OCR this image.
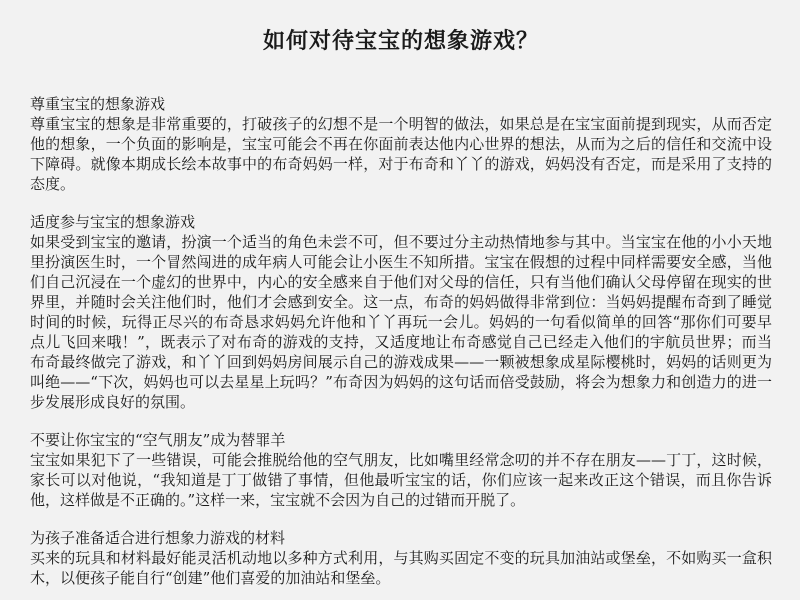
如何对待宝宝的想象游戏？
尊重宝宝的想象游戏

尊重宝宝的想象是非常重要的，打破孩子的幻想不是一个明智的做法，如果总是在宝宝面前提到现实，从而否定他的想象，一个负面的影响是，宝宝可能会不再在你面前表达他内心世界的想法，从而为之后的信任和交流中设下障碍。就像本期成长绘本故事中的布奇妈妈一样，对于布奇和丫丫的游戏，妈妈没有否定，而是采用了支持的态度。

适度参与宝宝的想象游戏

如果受到宝宝的邀请，扮演一个适当的角色未尝不可，但不要过分主动热情地参与其中。当宝宝在他的小小天地里扮演医生时，一个冒然闯进的成年病人可能会让小医生不知所措。宝宝在假想的过程中同样需要安全感，当他们自己沉浸在一个虚幻的世界中，内心的安全感来自于他们对父母的信任，只有当他们确认父母停留在现实的世界里，并随时会关注他们时，他们才会感到安全。这一点，布奇的妈妈做得非常到位：当妈妈提醒布奇到了睡觉时间的时候，玩得正尽兴的布奇恳求妈妈允许他和丫丫再玩一会儿。妈妈的一句看似简单的回答“那你们可要早点儿飞回来哦！”，既表示了对布奇的游戏的支持，又适度地让布奇感觉自己已经走入他们的宇航员世界；而当布奇最终做完了游戏，和丫丫回到妈妈房间展示自己的游戏成果——一颗被想象成星际樱桃时，妈妈的话则更为叫绝——“下次，妈妈也可以去星星上玩吗？”布奇因为妈妈的这句话而倍受鼓励，将会为想象力和创造力的进一步发展形成良好的氛围。

不要让你宝宝的“空气朋友”成为替罪羊

宝宝如果犯下了一些错误，可能会推脱给他的空气朋友，比如嘴里经常念叨的并不存在朋友——丁丁，这时候，家长可以对他说，“我知道是丁丁做错了事情，但他最听宝宝的话，你们应该一起来改正这个错误，而且你告诉他，这样做是不正确的。”这样一来，宝宝就不会因为自己的过错而开脱了。

为孩子准备适合进行想象力游戏的材料

买来的玩具和材料最好能灵活机动地以多种方式利用，与其购买固定不变的玩具加油站或堡垒，不如购买一盒积木，以便孩子能自行“创建”他们喜爱的加油站和堡垒。
